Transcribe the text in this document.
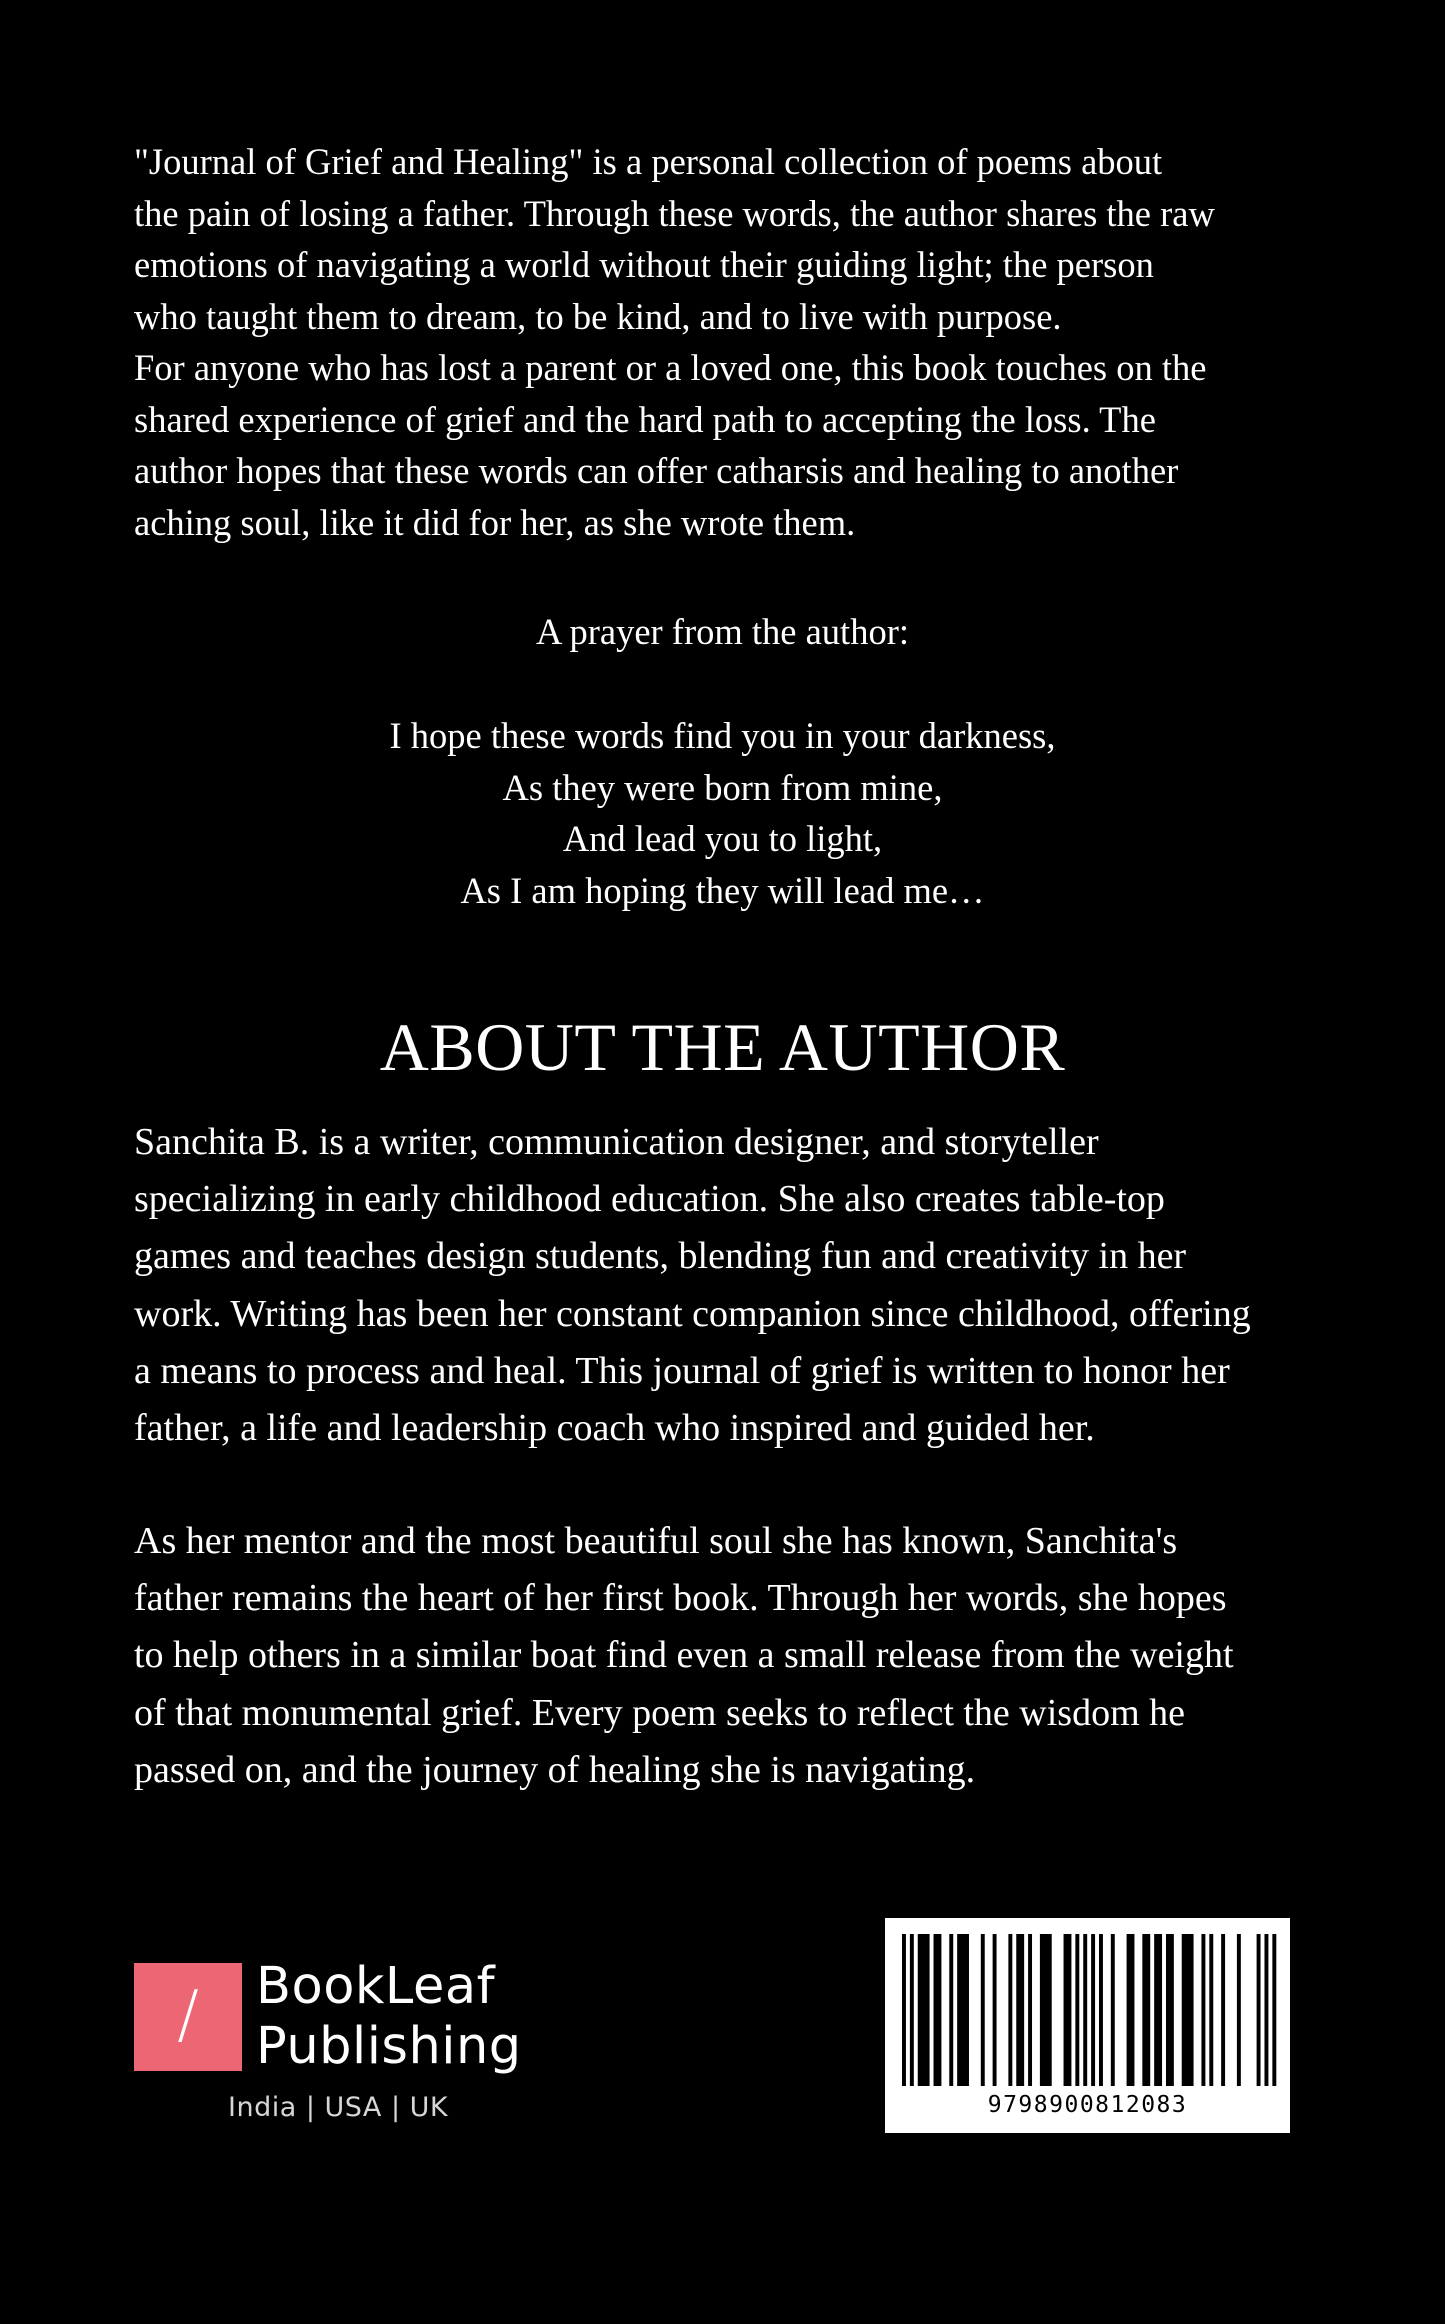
"Journal of Grief and Healing" is a personal collection of poems about

the pain of losing a father. Through these words, the author shares the raw

emotions of navigating a world without their guiding light; the person

who taught them to dream, to be kind, and to live with purpose.

For anyone who has lost a parent or a loved one, this book touches on the

shared experience of grief and the hard path to accepting the loss. The

author hopes that these words can offer catharsis and healing to another

aching soul, like it did for her, as she wrote them.

A prayer from the author:
I hope these words find you in your darkness,
As they were born from mine,
And lead you to light,
As I am hoping they will lead me…
ABOUT THE AUTHOR

Sanchita B. is a writer, communication designer, and storyteller

specializing in early childhood education. She also creates table-top

games and teaches design students, blending fun and creativity in her

work. Writing has been her constant companion since childhood, offering

a means to process and heal. This journal of grief is written to honor her

father, a life and leadership coach who inspired and guided her.

As her mentor and the most beautiful soul she has known, Sanchita's

father remains the heart of her first book. Through her words, she hopes

to help others in a similar boat find even a small release from the weight

of that monumental grief. Every poem seeks to reflect the wisdom he

passed on, and the journey of healing she is navigating.

/	BookLeaf
Publishing
India | USA | UK	9798900812083
